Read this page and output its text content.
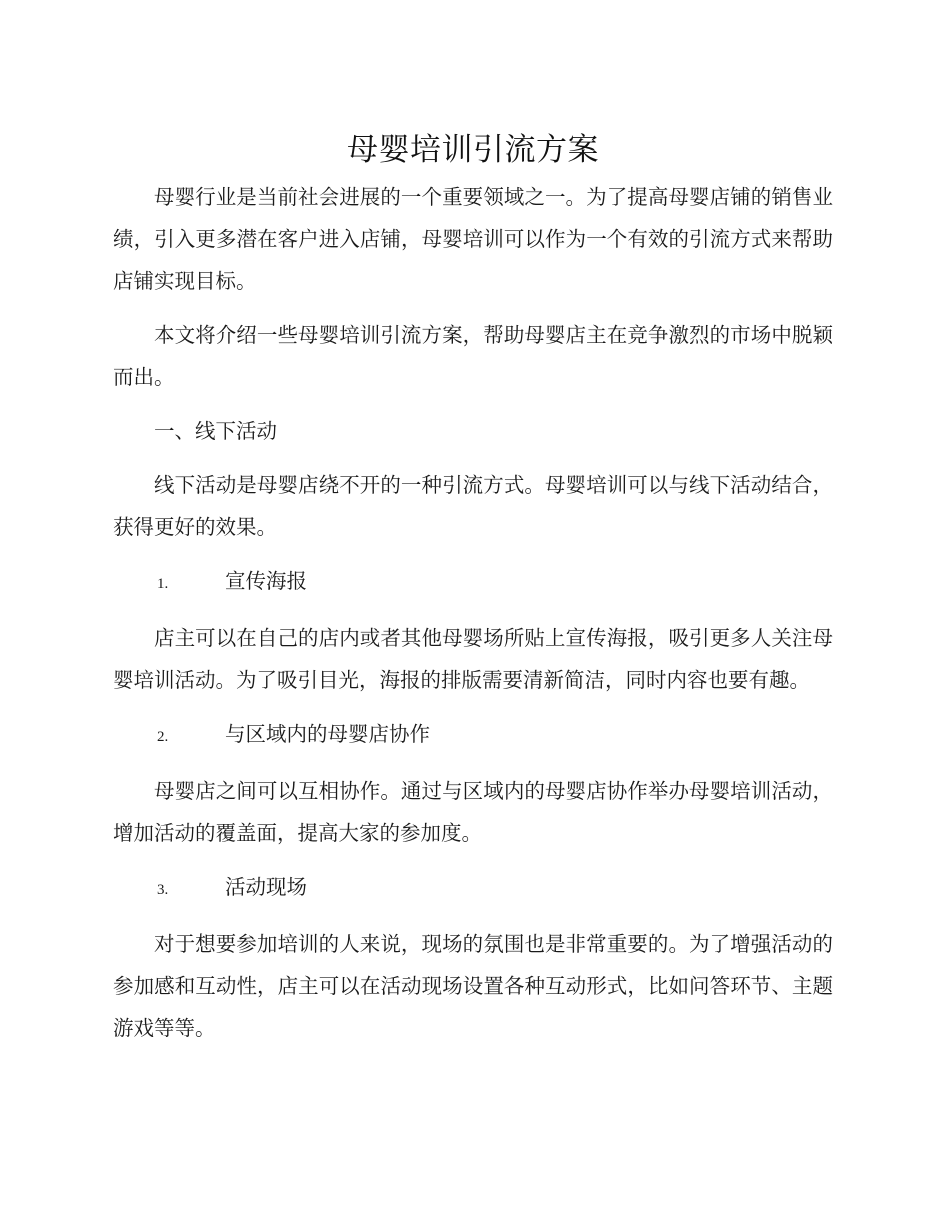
母婴培训引流方案

母婴行业是当前社会进展的一个重要领域之一。为了提高母婴店铺的销售业绩，引入更多潜在客户进入店铺，母婴培训可以作为一个有效的引流方式来帮助店铺实现目标。

本文将介绍一些母婴培训引流方案，帮助母婴店主在竞争激烈的市场中脱颖而出。

一、线下活动

线下活动是母婴店绕不开的一种引流方式。母婴培训可以与线下活动结合，获得更好的效果。

1.	宣传海报

店主可以在自己的店内或者其他母婴场所贴上宣传海报，吸引更多人关注母婴培训活动。为了吸引目光，海报的排版需要清新简洁，同时内容也要有趣。

2.	与区域内的母婴店协作

母婴店之间可以互相协作。通过与区域内的母婴店协作举办母婴培训活动，增加活动的覆盖面，提高大家的参加度。

3.	活动现场

对于想要参加培训的人来说，现场的氛围也是非常重要的。为了增强活动的参加感和互动性，店主可以在活动现场设置各种互动形式，比如问答环节、主题游戏等等。
